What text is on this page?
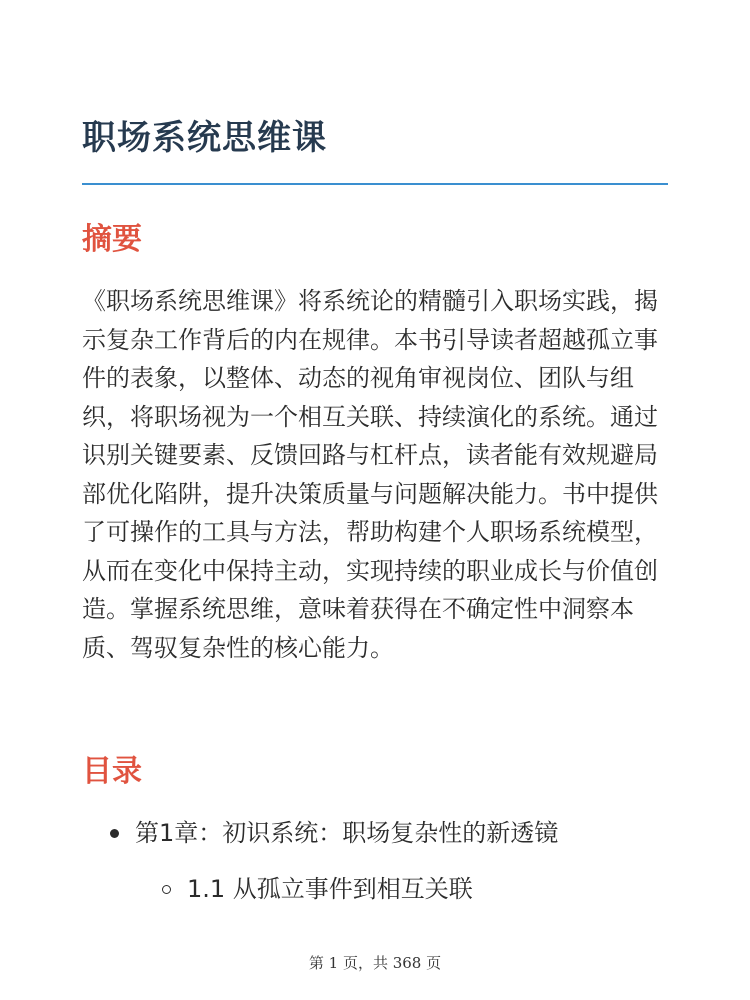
职场系统思维课
摘要

《职场系统思维课》将系统论的精髓引入职场实践，揭示复杂工作背后的内在规律。本书引导读者超越孤立事件的表象，以整体、动态的视角审视岗位、团队与组织，将职场视为一个相互关联、持续演化的系统。通过识别关键要素、反馈回路与杠杆点，读者能有效规避局部优化陷阱，提升决策质量与问题解决能力。书中提供了可操作的工具与方法，帮助构建个人职场系统模型，从而在变化中保持主动，实现持续的职业成长与价值创造。掌握系统思维，意味着获得在不确定性中洞察本质、驾驭复杂性的核心能力。

目录
第1章：初识系统：职场复杂性的新透镜
1.1 从孤立事件到相互关联
第 1 页，共 368 页
